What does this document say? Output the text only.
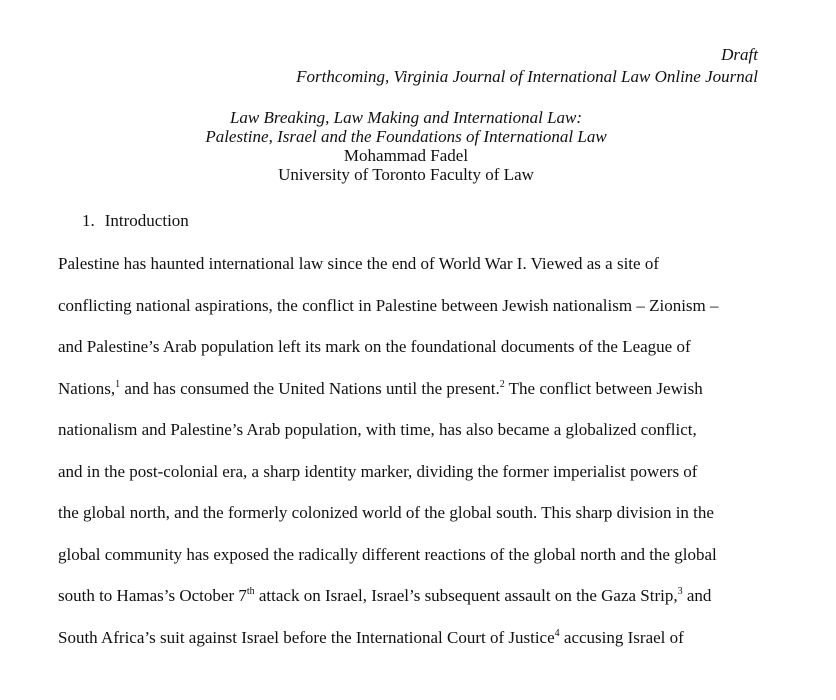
Draft
Forthcoming, Virginia Journal of International Law Online Journal
Law Breaking, Law Making and International Law:
Palestine, Israel and the Foundations of International Law
Mohammad Fadel
University of Toronto Faculty of Law
1. Introduction
Palestine has haunted international law since the end of World War I. Viewed as a site of
conflicting national aspirations, the conflict in Palestine between Jewish nationalism – Zionism –
and Palestine’s Arab population left its mark on the foundational documents of the League of
Nations,$^1$ and has consumed the United Nations until the present.$^2$ The conflict between Jewish
nationalism and Palestine’s Arab population, with time, has also became a globalized conflict,
and in the post-colonial era, a sharp identity marker, dividing the former imperialist powers of
the global north, and the formerly colonized world of the global south. This sharp division in the
global community has exposed the radically different reactions of the global north and the global
south to Hamas’s October 7th attack on Israel, Israel’s subsequent assault on the Gaza Strip,$^3$ and
South Africa’s suit against Israel before the International Court of Justice$^4$ accusing Israel of
